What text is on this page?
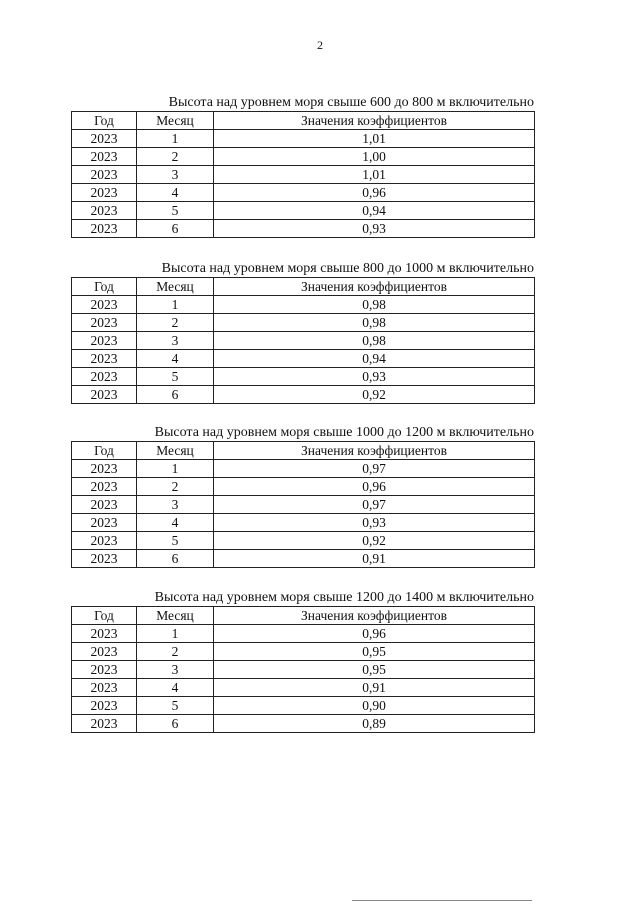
2
Высота над уровнем моря свыше 600 до 800 м включительно
Год	Месяц	Значения коэффициентов
2023	1	1,01
2023	2	1,00
2023	3	1,01
2023	4	0,96
2023	5	0,94
2023	6	0,93
Высота над уровнем моря свыше 800 до 1000 м включительно
Год	Месяц	Значения коэффициентов
2023	1	0,98
2023	2	0,98
2023	3	0,98
2023	4	0,94
2023	5	0,93
2023	6	0,92
Высота над уровнем моря свыше 1000 до 1200 м включительно
Год	Месяц	Значения коэффициентов
2023	1	0,97
2023	2	0,96
2023	3	0,97
2023	4	0,93
2023	5	0,92
2023	6	0,91
Высота над уровнем моря свыше 1200 до 1400 м включительно
Год	Месяц	Значения коэффициентов
2023	1	0,96
2023	2	0,95
2023	3	0,95
2023	4	0,91
2023	5	0,90
2023	6	0,89
